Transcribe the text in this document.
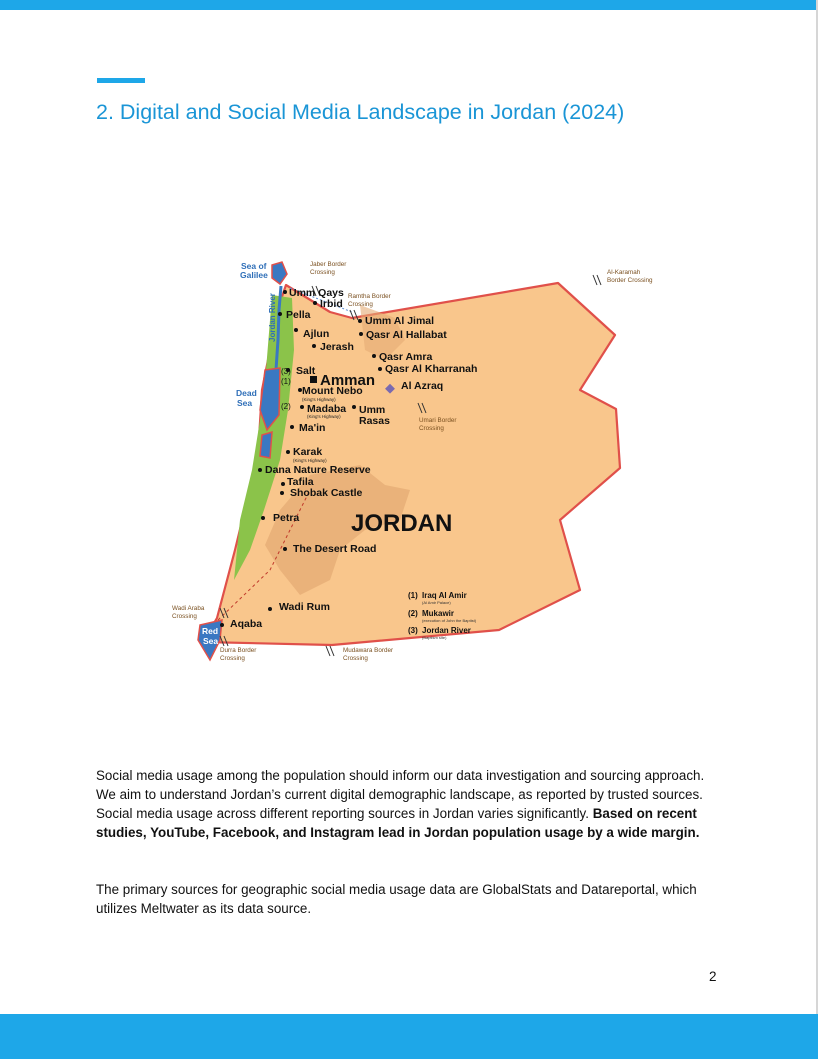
2. Digital and Social Media Landscape in Jordan (2024)
Umm Qays
Irbid
Pella
Ajlun
Jerash
Umm Al Jimal
Qasr Al Hallabat
Qasr Amra
Qasr Al Kharranah
Al Azraq
Salt
Mount Nebo
Madaba Umm
Rasas
Ma'in
Karak
Dana Nature Reserve
Tafila
Shobak Castle
Petra
The Desert Road
Wadi Rum
Aqaba
Amman
JORDAN
(King's Highway)
(King's Highway)
(King's Highway)
(1)
(2)
(3)
Sea of
Galilee
Dead
Sea
Jordan River
Red
Sea
Jaber Border
Crossing
Ramtha Border
Crossing
Al-Karamah
Border Crossing
Umari Border
Crossing
Wadi Araba
Crossing
Durra Border
Crossing
Mudawara Border
Crossing
(1) Iraq Al Amir
(Al Amir Palace)
(2) Mukawir
(execution of John the Baptist)
(3) Jordan River
(Baptism site)

Social media usage among the population should inform our data investigation and sourcing approach. We aim to understand Jordan’s current digital demographic landscape, as reported by trusted sources. Social media usage across different reporting sources in Jordan varies significantly. Based on recent studies, YouTube, Facebook, and Instagram lead in Jordan population usage by a wide margin.

The primary sources for geographic social media usage data are GlobalStats and Datareportal, which utilizes Meltwater as its data source.

2
